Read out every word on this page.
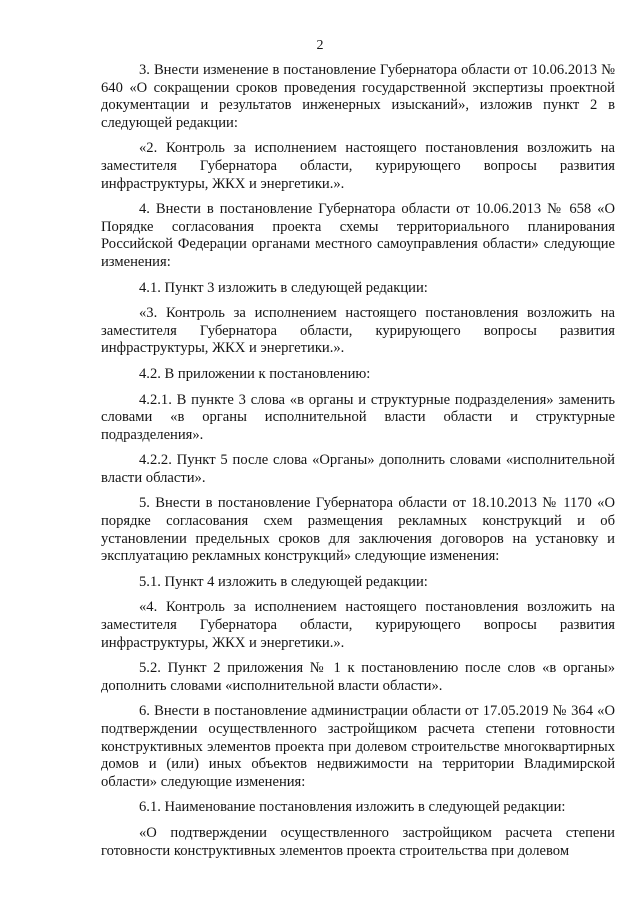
2

3. Внести изменение в постановление Губернатора области от 10.06.2013 № 640 «О сокращении сроков проведения государственной экспертизы проектной документации и результатов инженерных изысканий», изложив пункт 2 в следующей редакции:

«2. Контроль за исполнением настоящего постановления возложить на заместителя Губернатора области, курирующего вопросы развития инфраструктуры, ЖКХ и энергетики.».

4. Внести в постановление Губернатора области от 10.06.2013 № 658 «О Порядке согласования проекта схемы территориального планирования Российской Федерации органами местного самоуправления области» следующие изменения:

4.1. Пункт 3 изложить в следующей редакции:

«3. Контроль за исполнением настоящего постановления возложить на заместителя Губернатора области, курирующего вопросы развития инфраструктуры, ЖКХ и энергетики.».

4.2. В приложении к постановлению:

4.2.1. В пункте 3 слова «в органы и структурные подразделения» заменить словами «в органы исполнительной власти области и структурные подразделения».

4.2.2. Пункт 5 после слова «Органы» дополнить словами «исполнительной власти области».

5. Внести в постановление Губернатора области от 18.10.2013 № 1170 «О порядке согласования схем размещения рекламных конструкций и об установлении предельных сроков для заключения договоров на установку и эксплуатацию рекламных конструкций» следующие изменения:

5.1. Пункт 4 изложить в следующей редакции:

«4. Контроль за исполнением настоящего постановления возложить на заместителя Губернатора области, курирующего вопросы развития инфраструктуры, ЖКХ и энергетики.».

5.2. Пункт 2 приложения № 1 к постановлению после слов «в органы» дополнить словами «исполнительной власти области».

6. Внести в постановление администрации области от 17.05.2019 № 364 «О подтверждении осуществленного застройщиком расчета степени готовности конструктивных элементов проекта при долевом строительстве многоквартирных домов и (или) иных объектов недвижимости на территории Владимирской области» следующие изменения:

6.1. Наименование постановления изложить в следующей редакции:

«О подтверждении осуществленного застройщиком расчета степени готовности конструктивных элементов проекта строительства при долевом
